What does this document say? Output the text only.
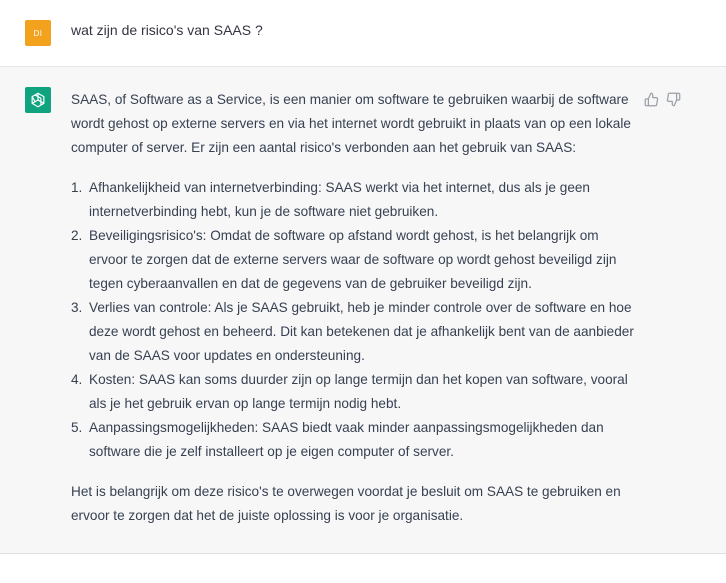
DI	wat zijn de risico's van SAAS ?

SAAS, of Software as a Service, is een manier om software te gebruiken waarbij de software wordt gehost op externe servers en via het internet wordt gebruikt in plaats van op een lokale computer of server. Er zijn een aantal risico's verbonden aan het gebruik van SAAS:

1. Afhankelijkheid van internetverbinding: SAAS werkt via het internet, dus als je geen internetverbinding hebt, kun je de software niet gebruiken.
2. Beveiligingsrisico's: Omdat de software op afstand wordt gehost, is het belangrijk om ervoor te zorgen dat de externe servers waar de software op wordt gehost beveiligd zijn tegen cyberaanvallen en dat de gegevens van de gebruiker beveiligd zijn.
3. Verlies van controle: Als je SAAS gebruikt, heb je minder controle over de software en hoe deze wordt gehost en beheerd. Dit kan betekenen dat je afhankelijk bent van de aanbieder van de SAAS voor updates en ondersteuning.
4. Kosten: SAAS kan soms duurder zijn op lange termijn dan het kopen van software, vooral als je het gebruik ervan op lange termijn nodig hebt.
5. Aanpassingsmogelijkheden: SAAS biedt vaak minder aanpassingsmogelijkheden dan software die je zelf installeert op je eigen computer of server.

Het is belangrijk om deze risico's te overwegen voordat je besluit om SAAS te gebruiken en ervoor te zorgen dat het de juiste oplossing is voor je organisatie.
